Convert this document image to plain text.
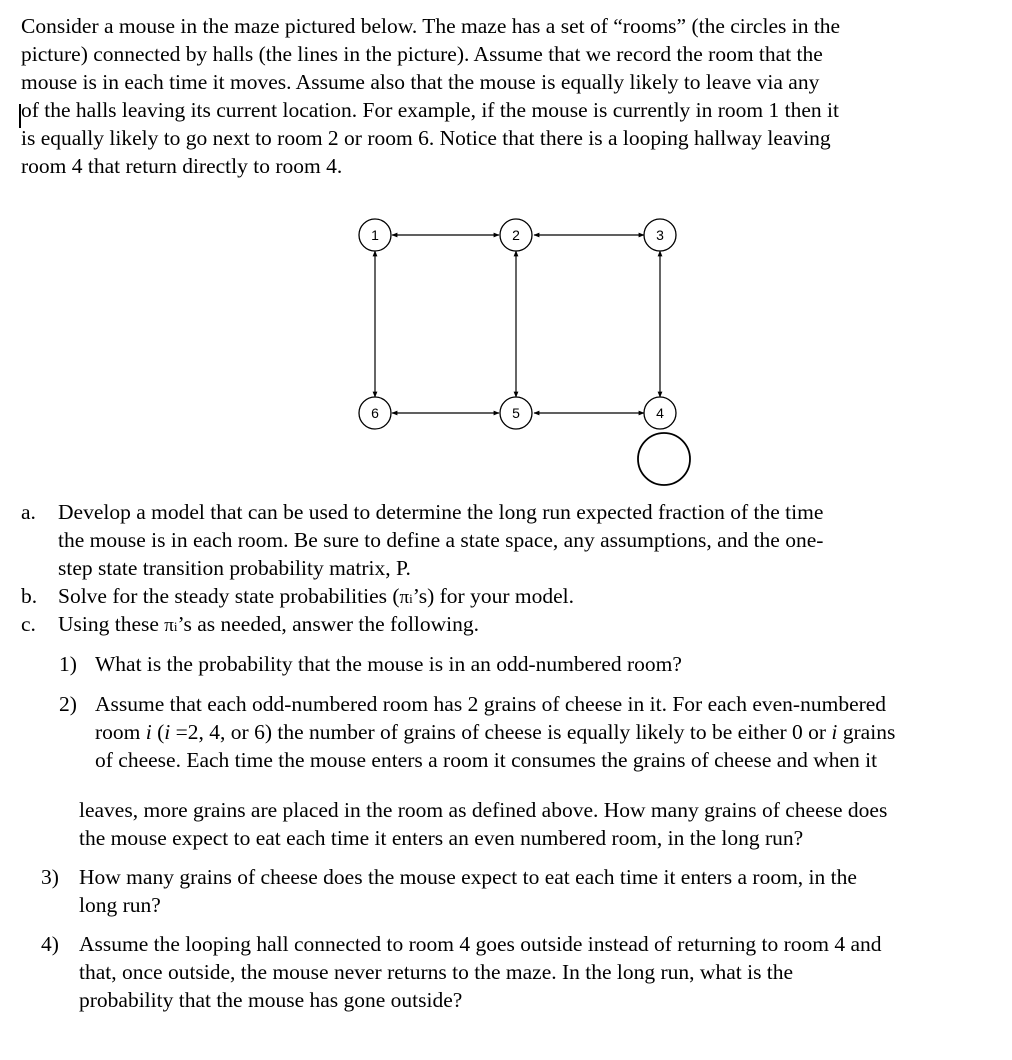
Consider a mouse in the maze pictured below. The maze has a set of “rooms” (the circles in the
picture) connected by halls (the lines in the picture). Assume that we record the room that the
mouse is in each time it moves. Assume also that the mouse is equally likely to leave via any
of the halls leaving its current location. For example, if the mouse is currently in room 1 then it
is equally likely to go next to room 2 or room 6. Notice that there is a looping hallway leaving
room 4 that return directly to room 4.
1	2	3
6	5	4
a. Develop a model that can be used to determine the long run expected fraction of the time
the mouse is in each room. Be sure to define a state space, any assumptions, and the one-
step state transition probability matrix, P.
b. Solve for the steady state probabilities (πi’s) for your model.
c. Using these πi’s as needed, answer the following.
1) What is the probability that the mouse is in an odd-numbered room?
2) Assume that each odd-numbered room has 2 grains of cheese in it. For each even-numbered
room i (i =2, 4, or 6) the number of grains of cheese is equally likely to be either 0 or i grains
of cheese. Each time the mouse enters a room it consumes the grains of cheese and when it
leaves, more grains are placed in the room as defined above. How many grains of cheese does
the mouse expect to eat each time it enters an even numbered room, in the long run?
3) How many grains of cheese does the mouse expect to eat each time it enters a room, in the
long run?
4) Assume the looping hall connected to room 4 goes outside instead of returning to room 4 and
that, once outside, the mouse never returns to the maze. In the long run, what is the
probability that the mouse has gone outside?
